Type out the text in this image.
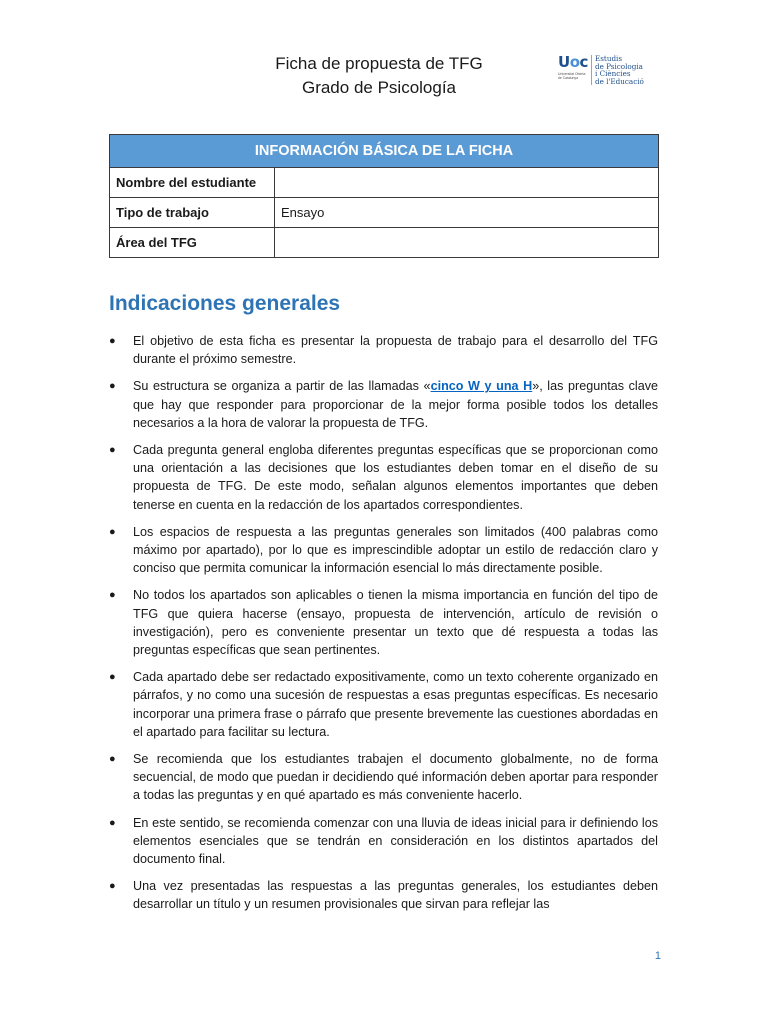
Ficha de propuesta de TFG
Grado de Psicología
Uoc
Universitat Oberta de Catalunya
Estudis
de Psicologia
i Ciències
de l'Educació
INFORMACIÓN BÁSICA DE LA FICHA	
Nombre del estudiante	
Tipo de trabajo	Ensayo
Área del TFG	
Indicaciones generales
● El objetivo de esta ficha es presentar la propuesta de trabajo para el desarrollo del TFG durante el próximo semestre.
● Su estructura se organiza a partir de las llamadas «cinco W y una H», las preguntas clave que hay que responder para proporcionar de la mejor forma posible todos los detalles necesarios a la hora de valorar la propuesta de TFG.
● Cada pregunta general engloba diferentes preguntas específicas que se proporcionan como una orientación a las decisiones que los estudiantes deben tomar en el diseño de su propuesta de TFG. De este modo, señalan algunos elementos importantes que deben tenerse en cuenta en la redacción de los apartados correspondientes.
● Los espacios de respuesta a las preguntas generales son limitados (400 palabras como máximo por apartado), por lo que es imprescindible adoptar un estilo de redacción claro y conciso que permita comunicar la información esencial lo más directamente posible.
● No todos los apartados son aplicables o tienen la misma importancia en función del tipo de TFG que quiera hacerse (ensayo, propuesta de intervención, artículo de revisión o investigación), pero es conveniente presentar un texto que dé respuesta a todas las preguntas específicas que sean pertinentes.
● Cada apartado debe ser redactado expositivamente, como un texto coherente organizado en párrafos, y no como una sucesión de respuestas a esas preguntas específicas. Es necesario incorporar una primera frase o párrafo que presente brevemente las cuestiones abordadas en el apartado para facilitar su lectura.
● Se recomienda que los estudiantes trabajen el documento globalmente, no de forma secuencial, de modo que puedan ir decidiendo qué información deben aportar para responder a todas las preguntas y en qué apartado es más conveniente hacerlo.
● En este sentido, se recomienda comenzar con una lluvia de ideas inicial para ir definiendo los elementos esenciales que se tendrán en consideración en los distintos apartados del documento final.
● Una vez presentadas las respuestas a las preguntas generales, los estudiantes deben desarrollar un título y un resumen provisionales que sirvan para reflejar las
1
